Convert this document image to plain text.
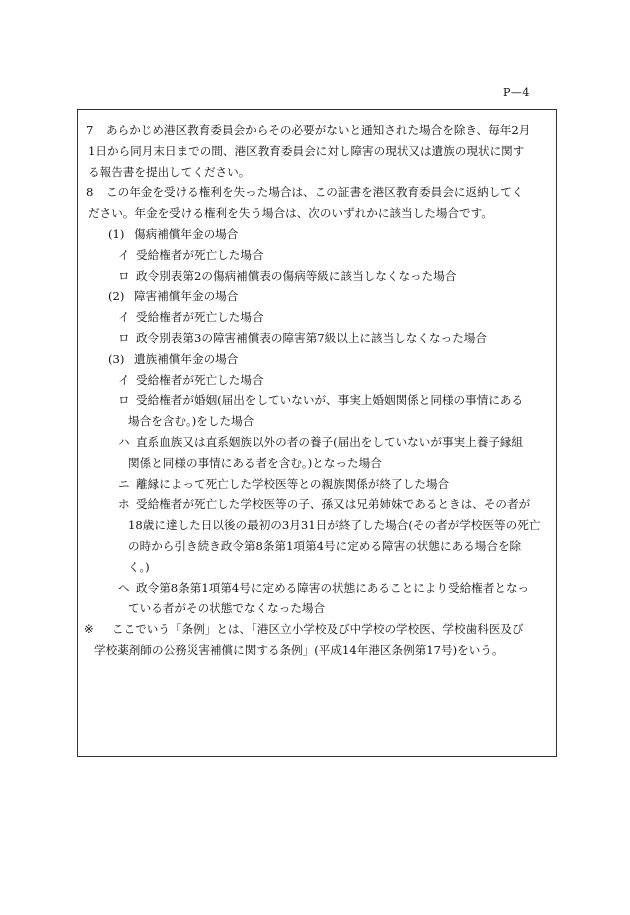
P—4
7	あらかじめ港区教育委員会からその必要がないと通知された場合を除き、毎年2月
1日から同月末日までの間、港区教育委員会に対し障害の現状又は遺族の現状に関す
る報告書を提出してください。
8	この年金を受ける権利を失った場合は、この証書を港区教育委員会に返納してく
ださい。年金を受ける権利を失う場合は、次のいずれかに該当した場合です。
(1) 傷病補償年金の場合
イ 受給権者が死亡した場合
ロ 政令別表第2の傷病補償表の傷病等級に該当しなくなった場合
(2) 障害補償年金の場合
イ 受給権者が死亡した場合
ロ 政令別表第3の障害補償表の障害第7級以上に該当しなくなった場合
(3) 遺族補償年金の場合
イ 受給権者が死亡した場合
ロ 受給権者が婚姻(届出をしていないが、事実上婚姻関係と同様の事情にある
場合を含む。)をした場合
ハ 直系血族又は直系姻族以外の者の養子(届出をしていないが事実上養子縁組
関係と同様の事情にある者を含む。)となった場合
ニ 離縁によって死亡した学校医等との親族関係が終了した場合
ホ 受給権者が死亡した学校医等の子、孫又は兄弟姉妹であるときは、その者が
18歳に達した日以後の最初の3月31日が終了した場合(その者が学校医等の死亡
の時から引き続き政令第8条第1項第4号に定める障害の状態にある場合を除
く。)
ヘ 政令第8条第1項第4号に定める障害の状態にあることにより受給権者となっ
ている者がその状態でなくなった場合
※	ここでいう「条例」とは、「港区立小学校及び中学校の学校医、学校歯科医及び
学校薬剤師の公務災害補償に関する条例」(平成14年港区条例第17号)をいう。
